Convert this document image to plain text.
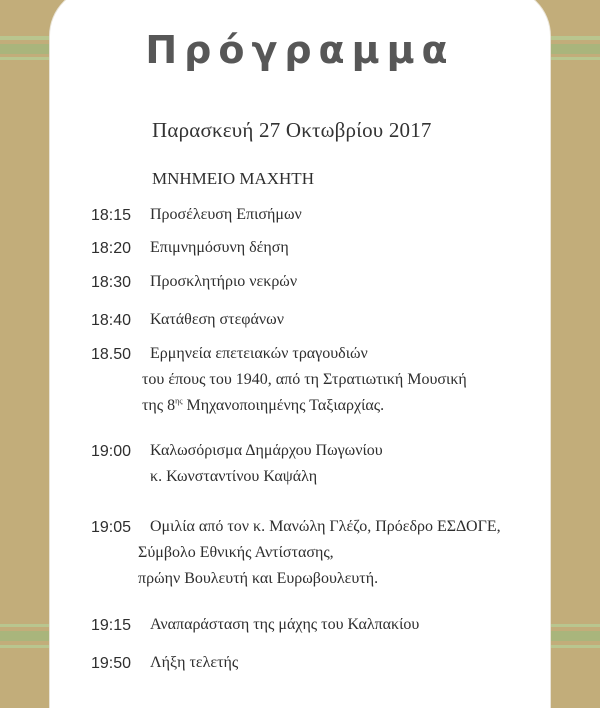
Πρόγραμμα
Παρασκευή 27 Οκτωβρίου 2017
ΜΝΗΜΕΙΟ ΜΑΧΗΤΗ
18:15 Προσέλευση Επισήμων
18:20 Επιμνημόσυνη δέηση
18:30 Προσκλητήριο νεκρών
18:40 Κατάθεση στεφάνων
18.50 Ερμηνεία επετειακών τραγουδιών
του έπους του 1940, από τη Στρατιωτική Μουσική
της $8^{\eta\varsigma}$ Μηχανοποιημένης Ταξιαρχίας.
19:00 Καλωσόρισμα Δημάρχου Πωγωνίου
κ. Κωνσταντίνου Καψάλη
19:05 Ομιλία από τον κ. Μανώλη Γλέζο, Πρόεδρο ΕΣΔΟΓΕ,
Σύμβολο Εθνικής Αντίστασης,
πρώην Βουλευτή και Ευρωβουλευτή.
19:15 Αναπαράσταση της μάχης του Καλπακίου
19:50 Λήξη τελετής
